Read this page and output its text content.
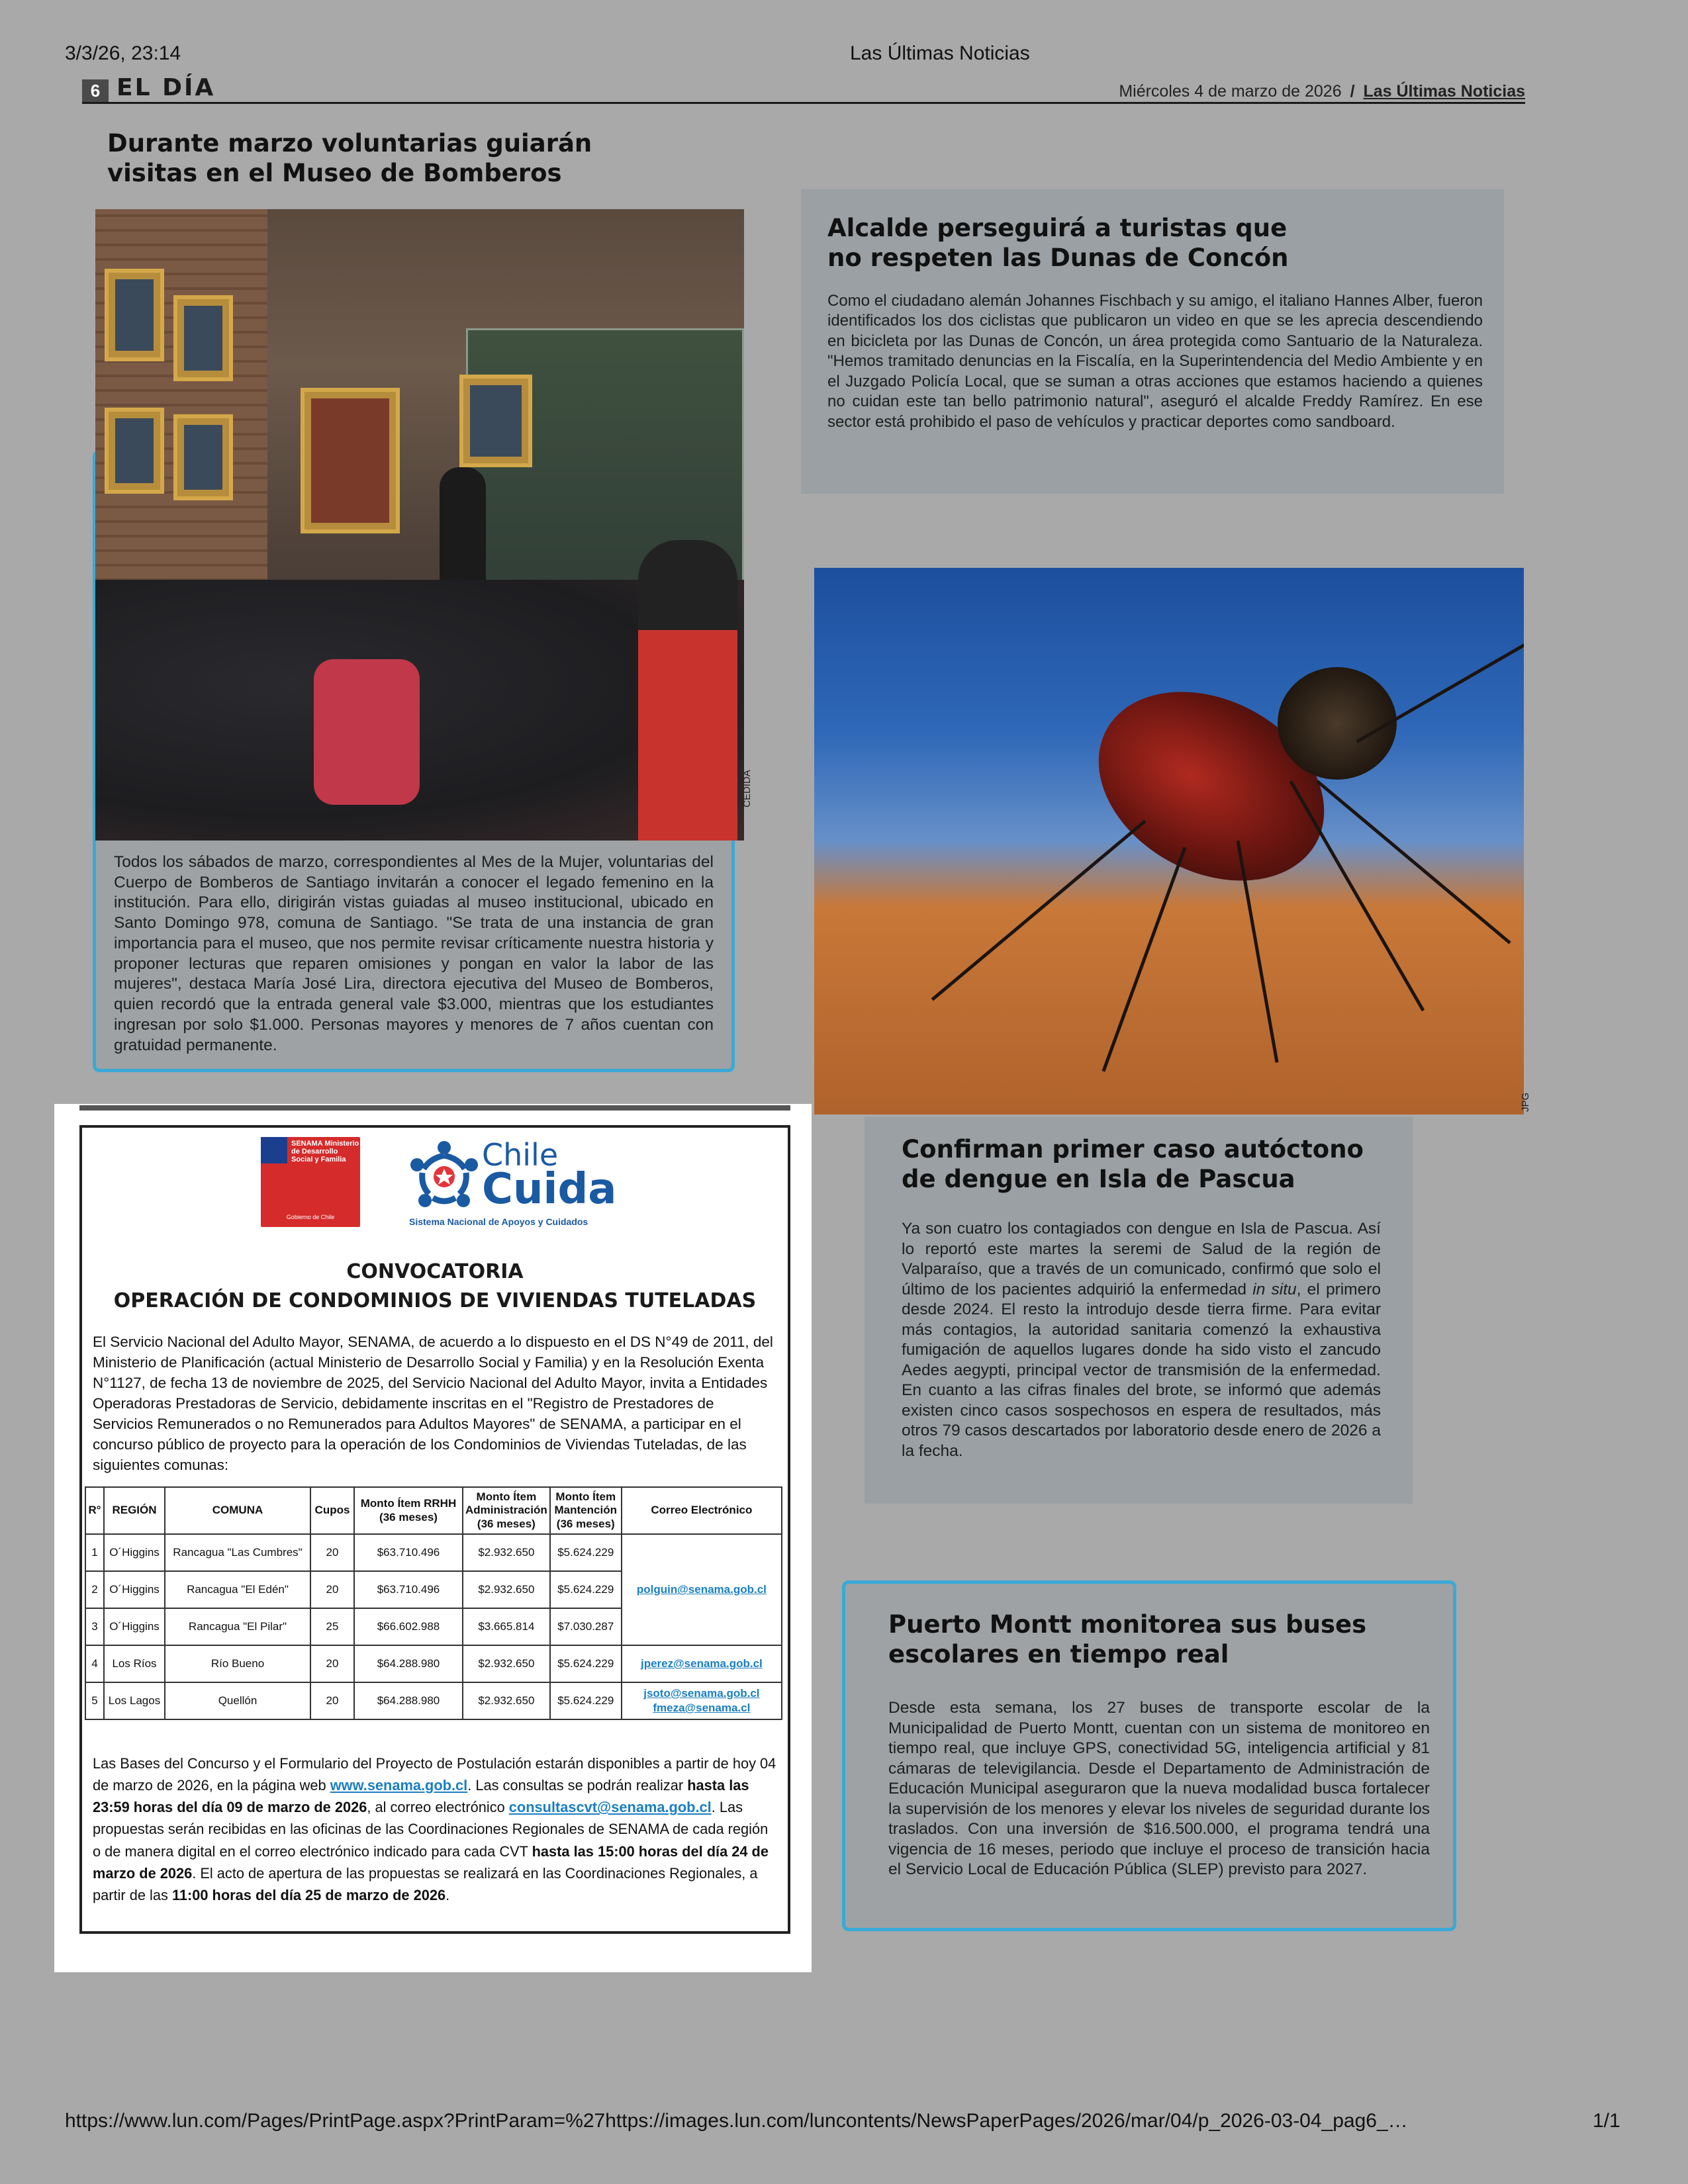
3/3/26, 23:14	Las Últimas Noticias
6 EL DÍA	Miércoles 4 de marzo de 2026 / Las Últimas Noticias
Durante marzo voluntarias guiarán
visitas en el Museo de Bomberos
CEDIDA
Todos los sábados de marzo, correspondientes al Mes de la Mujer, voluntarias del Cuerpo de Bomberos de Santiago invitarán a conocer el legado femenino en la institución. Para ello, dirigirán vistas guiadas al museo institucional, ubicado en Santo Domingo 978, comuna de Santiago. "Se trata de una instancia de gran importancia para el museo, que nos permite revisar críticamente nuestra historia y proponer lecturas que reparen omisiones y pongan en valor la labor de las mujeres", destaca María José Lira, directora ejecutiva del Museo de Bomberos, quien recordó que la entrada general vale $3.000, mientras que los estudiantes ingresan por solo $1.000. Personas mayores y menores de 7 años cuentan con gratuidad permanente.
Alcalde perseguirá a turistas que
no respeten las Dunas de Concón
Como el ciudadano alemán Johannes Fischbach y su amigo, el italiano Hannes Alber, fueron identificados los dos ciclistas que publicaron un video en que se les aprecia descendiendo en bicicleta por las Dunas de Concón, un área protegida como Santuario de la Naturaleza. "Hemos tramitado denuncias en la Fiscalía, en la Superintendencia del Medio Ambiente y en el Juzgado Policía Local, que se suman a otras acciones que estamos haciendo a quienes no cuidan este tan bello patrimonio natural", aseguró el alcalde Freddy Ramírez. En ese sector está prohibido el paso de vehículos y practicar deportes como sandboard.
JPG
Confirman primer caso autóctono
de dengue en Isla de Pascua
Ya son cuatro los contagiados con dengue en Isla de Pascua. Así lo reportó este martes la seremi de Salud de la región de Valparaíso, que a través de un comunicado, confirmó que solo el último de los pacientes adquirió la enfermedad in situ, el primero desde 2024. El resto la introdujo desde tierra firme. Para evitar más contagios, la autoridad sanitaria comenzó la exhaustiva fumigación de aquellos lugares donde ha sido visto el zancudo Aedes aegypti, principal vector de transmisión de la enfermedad. En cuanto a las cifras finales del brote, se informó que además existen cinco casos sospechosos en espera de resultados, más otros 79 casos descartados por laboratorio desde enero de 2026 a la fecha.
Puerto Montt monitorea sus buses
escolares en tiempo real
Desde esta semana, los 27 buses de transporte escolar de la Municipalidad de Puerto Montt, cuentan con un sistema de monitoreo en tiempo real, que incluye GPS, conectividad 5G, inteligencia artificial y 81 cámaras de televigilancia. Desde el Departamento de Administración de Educación Municipal aseguraron que la nueva modalidad busca fortalecer la supervisión de los menores y elevar los niveles de seguridad durante los traslados. Con una inversión de $16.500.000, el programa tendrá una vigencia de 16 meses, periodo que incluye el proceso de transición hacia el Servicio Local de Educación Pública (SLEP) previsto para 2027.
SENAMA Ministerio de Desarrollo Social y Familia
Gobierno de Chile
Chile
Cuida
Sistema Nacional de Apoyos y Cuidados
CONVOCATORIA
OPERACIÓN DE CONDOMINIOS DE VIVIENDAS TUTELADAS
El Servicio Nacional del Adulto Mayor, SENAMA, de acuerdo a lo dispuesto en el DS N°49 de 2011, del Ministerio de Planificación (actual Ministerio de Desarrollo Social y Familia) y en la Resolución Exenta N°1127, de fecha 13 de noviembre de 2025, del Servicio Nacional del Adulto Mayor, invita a Entidades Operadoras Prestadoras de Servicio, debidamente inscritas en el "Registro de Prestadores de Servicios Remunerados o no Remunerados para Adultos Mayores" de SENAMA, a participar en el concurso público de proyecto para la operación de los Condominios de Viviendas Tuteladas, de las siguientes comunas:
R°	REGIÓN	COMUNA	Cupos	Monto Ítem RRHH (36 meses)	Monto Ítem Administración (36 meses)	Monto Ítem Mantención (36 meses)	Correo Electrónico
1	O´Higgins	Rancagua "Las Cumbres"	20	$63.710.496	$2.932.650	$5.624.229	polguin@senama.gob.cl
2	O´Higgins	Rancagua "El Edén"	20	$63.710.496	$2.932.650	$5.624.229	
3	O´Higgins	Rancagua "El Pilar"	25	$66.602.988	$3.665.814	$7.030.287	
4	Los Ríos	Río Bueno	20	$64.288.980	$2.932.650	$5.624.229	jperez@senama.gob.cl
5	Los Lagos	Quellón	20	$64.288.980	$2.932.650	$5.624.229	jsoto@senama.gob.cl
fmeza@senama.cl
Las Bases del Concurso y el Formulario del Proyecto de Postulación estarán disponibles a partir de hoy 04 de marzo de 2026, en la página web www.senama.gob.cl. Las consultas se podrán realizar hasta las 23:59 horas del día 09 de marzo de 2026, al correo electrónico consultascvt@senama.gob.cl. Las propuestas serán recibidas en las oficinas de las Coordinaciones Regionales de SENAMA de cada región o de manera digital en el correo electrónico indicado para cada CVT hasta las 15:00 horas del día 24 de marzo de 2026. El acto de apertura de las propuestas se realizará en las Coordinaciones Regionales, a partir de las 11:00 horas del día 25 de marzo de 2026.
https://www.lun.com/Pages/PrintPage.aspx?PrintParam=%27https://images.lun.com/luncontents/NewsPaperPages/2026/mar/04/p_2026-03-04_pag6_…	1/1
